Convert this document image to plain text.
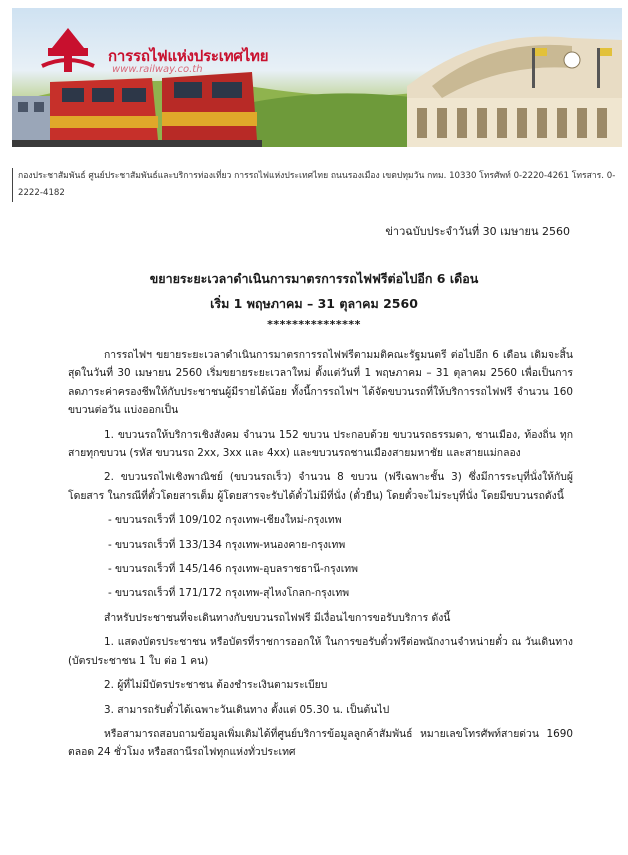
การรถไฟแห่งประเทศไทย
www.railway.co.th
กองประชาสัมพันธ์ ศูนย์ประชาสัมพันธ์และบริการท่องเที่ยว การรถไฟแห่งประเทศไทย ถนนรองเมือง เขตปทุมวัน กทม. 10330 โทรศัพท์ 0-2220-4261 โทรสาร. 0-2222-4182
ข่าวฉบับประจำวันที่ 30 เมษายน 2560
ขยายระยะเวลาดำเนินการมาตรการรถไฟฟรีต่อไปอีก 6 เดือน
เริ่ม 1 พฤษภาคม – 31 ตุลาคม 2560
***************

การรถไฟฯ ขยายระยะเวลาดำเนินการมาตรการรถไฟฟรีตามมติคณะรัฐมนตรี ต่อไปอีก 6 เดือน เดิมจะสิ้นสุดในวันที่ 30 เมษายน 2560 เริ่มขยายระยะเวลาใหม่ ตั้งแต่วันที่ 1 พฤษภาคม – 31 ตุลาคม 2560 เพื่อเป็นการลดภาระค่าครองชีพให้กับประชาชนผู้มีรายได้น้อย ทั้งนี้การรถไฟฯ ได้จัดขบวนรถที่ให้บริการรถไฟฟรี จำนวน 160 ขบวนต่อวัน แบ่งออกเป็น

1. ขบวนรถให้บริการเชิงสังคม จำนวน 152 ขบวน ประกอบด้วย ขบวนรถธรรมดา, ชานเมือง, ท้องถิ่น ทุกสายทุกขบวน (รหัส ขบวนรถ 2xx, 3xx และ 4xx) และขบวนรถชานเมืองสายมหาชัย และสายแม่กลอง

2. ขบวนรถไฟเชิงพาณิชย์ (ขบวนรถเร็ว) จำนวน 8 ขบวน (ฟรีเฉพาะชั้น 3) ซึ่งมีการระบุที่นั่งให้กับผู้โดยสาร ในกรณีที่ตั๋วโดยสารเต็ม ผู้โดยสารจะรับได้ตั๋วไม่มีที่นั่ง (ตั๋วยืน) โดยตั๋วจะไม่ระบุที่นั่ง โดยมีขบวนรถดังนี้

- ขบวนรถเร็วที่ 109/102 กรุงเทพ-เชียงใหม่-กรุงเทพ
- ขบวนรถเร็วที่ 133/134 กรุงเทพ-หนองคาย-กรุงเทพ
- ขบวนรถเร็วที่ 145/146 กรุงเทพ-อุบลราชธานี-กรุงเทพ
- ขบวนรถเร็วที่ 171/172 กรุงเทพ-สุไหงโกลก-กรุงเทพ

สำหรับประชาชนที่จะเดินทางกับขบวนรถไฟฟรี มีเงื่อนไขการขอรับบริการ ดังนี้

1. แสดงบัตรประชาชน หรือบัตรที่ราชการออกให้ ในการขอรับตั๋วฟรีต่อพนักงานจำหน่ายตั๋ว ณ วันเดินทาง (บัตรประชาชน 1 ใบ ต่อ 1 คน)

2. ผู้ที่ไม่มีบัตรประชาชน ต้องชำระเงินตามระเบียบ

3. สามารถรับตั๋วได้เฉพาะวันเดินทาง ตั้งแต่ 05.30 น. เป็นต้นไป

หรือสามารถสอบถามข้อมูลเพิ่มเติมได้ที่ศูนย์บริการข้อมูลลูกค้าสัมพันธ์ หมายเลขโทรศัพท์สายด่วน 1690 ตลอด 24 ชั่วโมง หรือสถานีรถไฟทุกแห่งทั่วประเทศ
